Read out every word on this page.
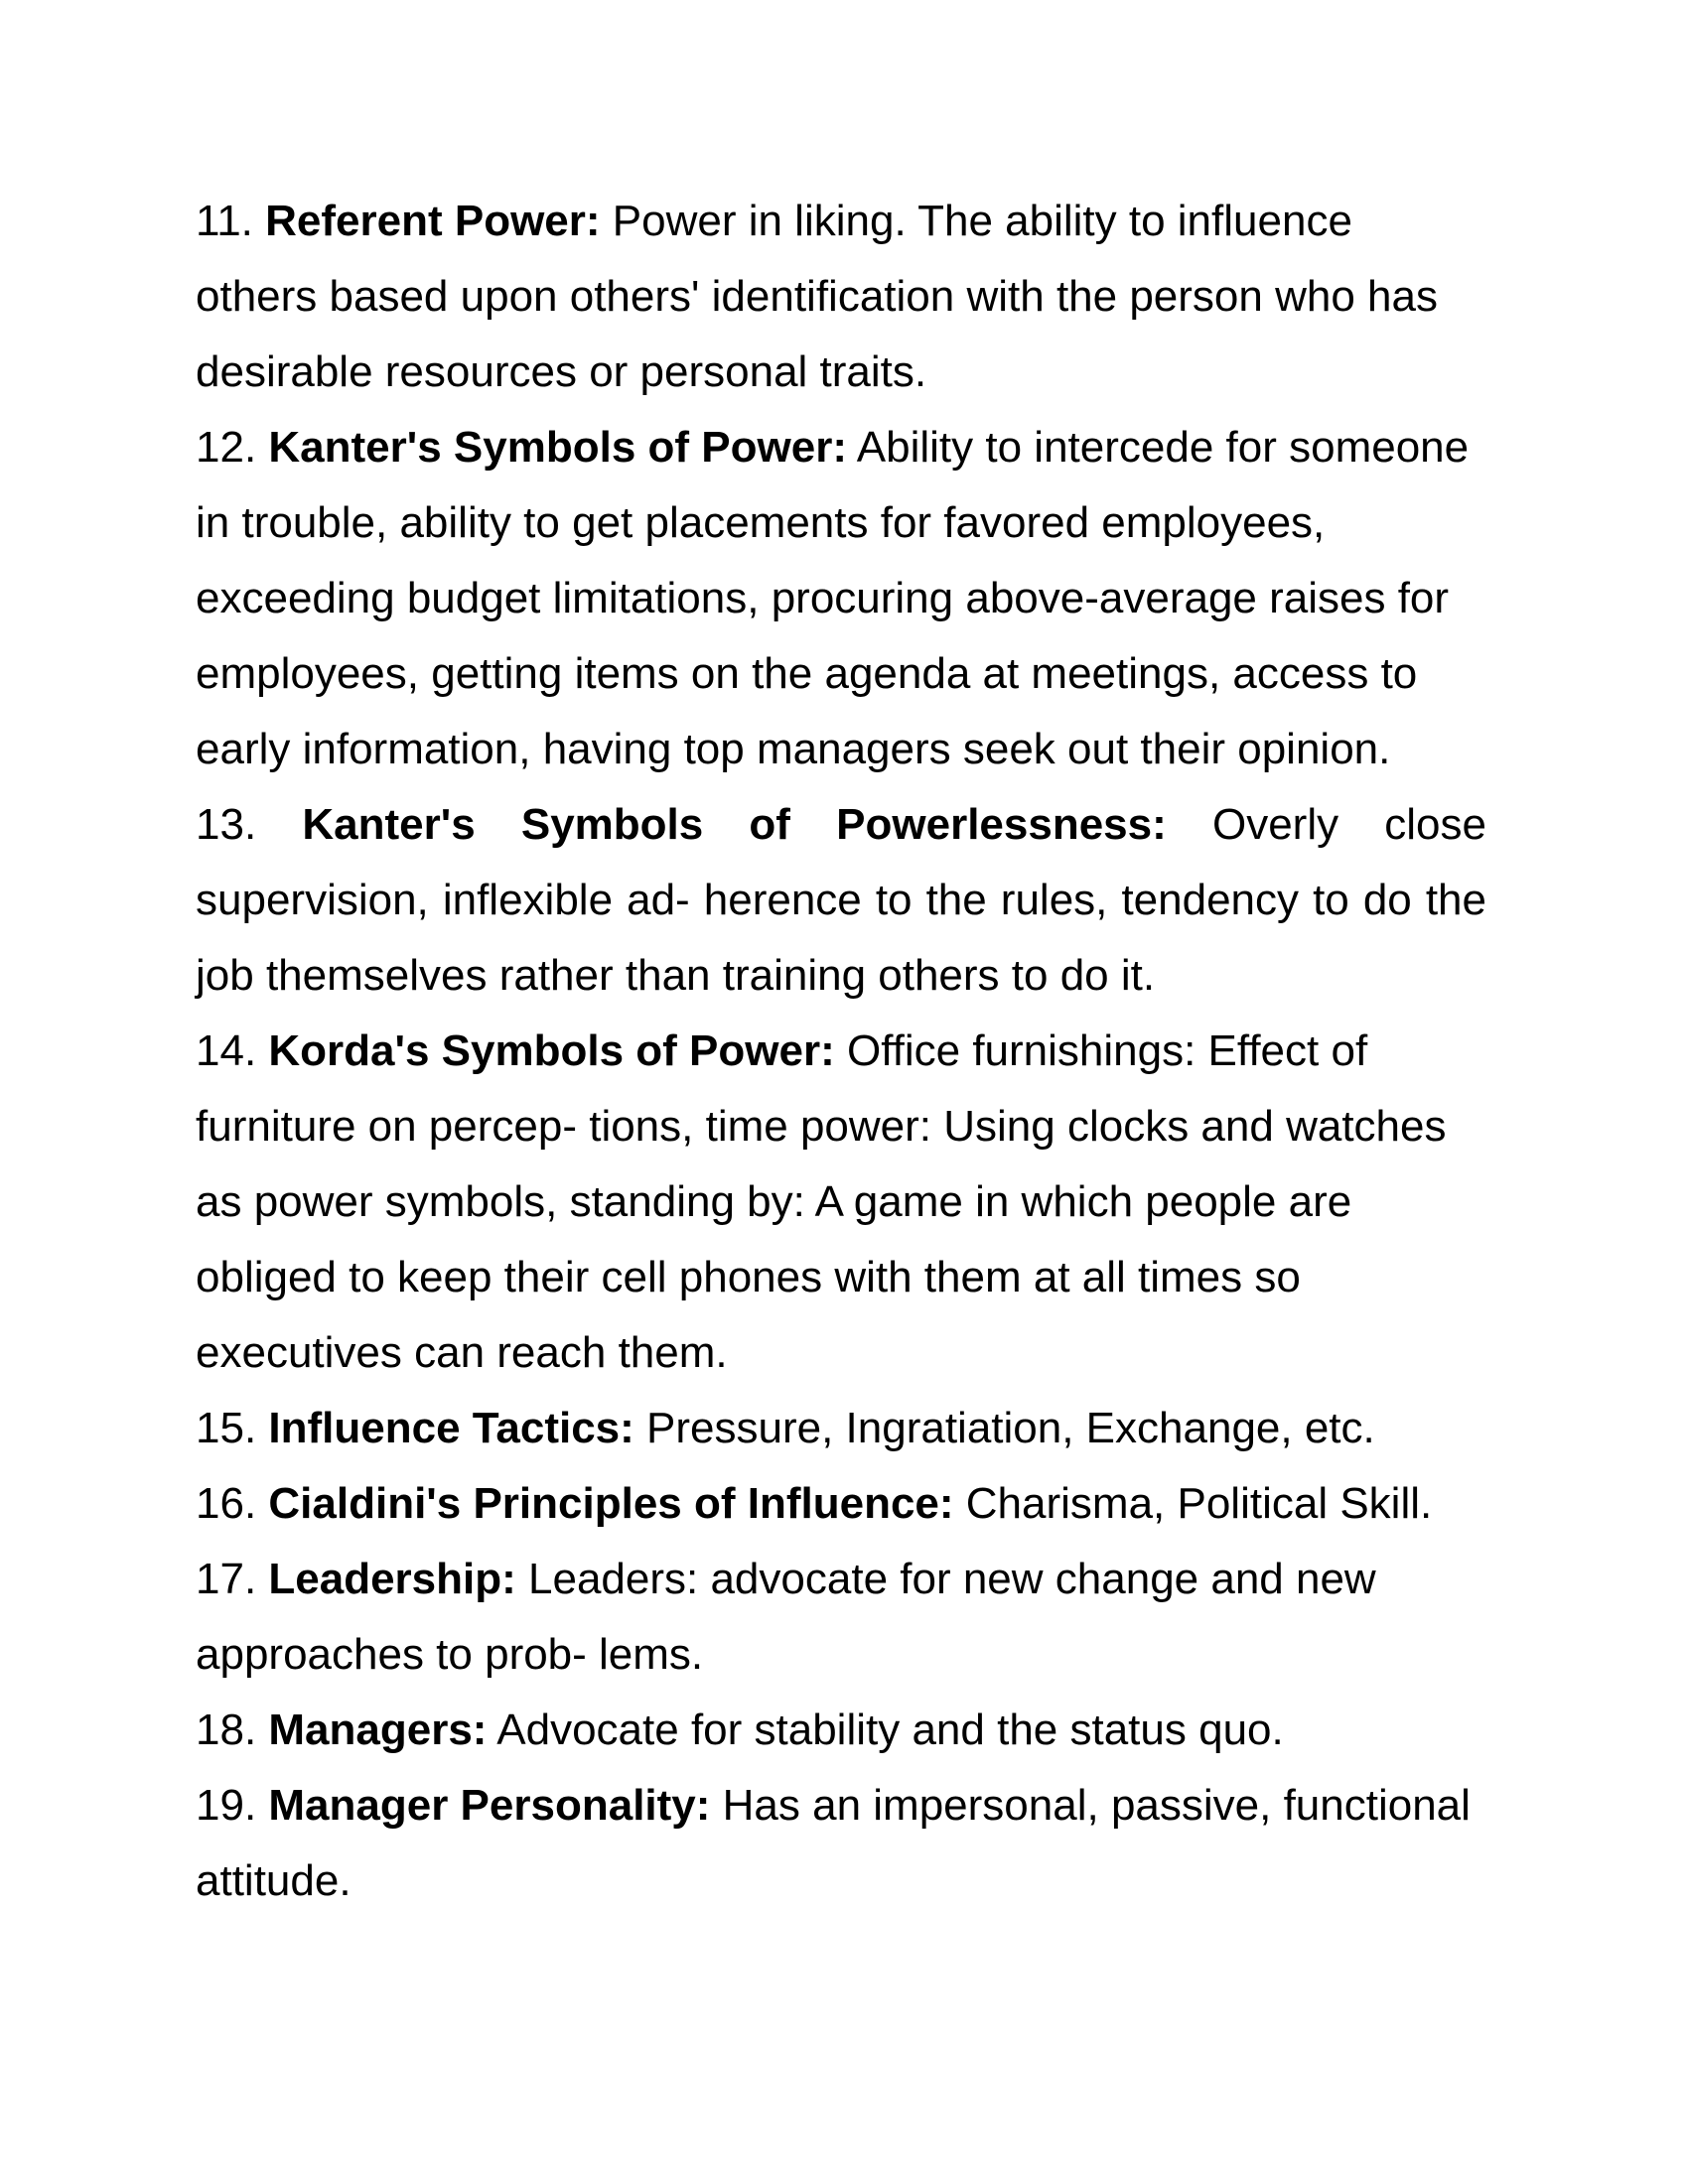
11. Referent Power: Power in liking. The ability to influence
others based upon others' identification with the person who has
desirable resources or personal traits.
12. Kanter's Symbols of Power: Ability to intercede for someone
in trouble, ability to get placements for favored employees,
exceeding budget limitations, procuring above-average raises for
employees, getting items on the agenda at meetings, access to
early information, having top managers seek out their opinion.
13. Kanter's Symbols of Powerlessness: Overly close
supervision, inflexible ad- herence to the rules, tendency to do the
job themselves rather than training others to do it.
14. Korda's Symbols of Power: Office furnishings: Effect of
furniture on percep- tions, time power: Using clocks and watches
as power symbols, standing by: A game in which people are
obliged to keep their cell phones with them at all times so
executives can reach them.
15. Influence Tactics: Pressure, Ingratiation, Exchange, etc.
16. Cialdini's Principles of Influence: Charisma, Political Skill.
17. Leadership: Leaders: advocate for new change and new
approaches to prob- lems.
18. Managers: Advocate for stability and the status quo.
19. Manager Personality: Has an impersonal, passive, functional
attitude.
